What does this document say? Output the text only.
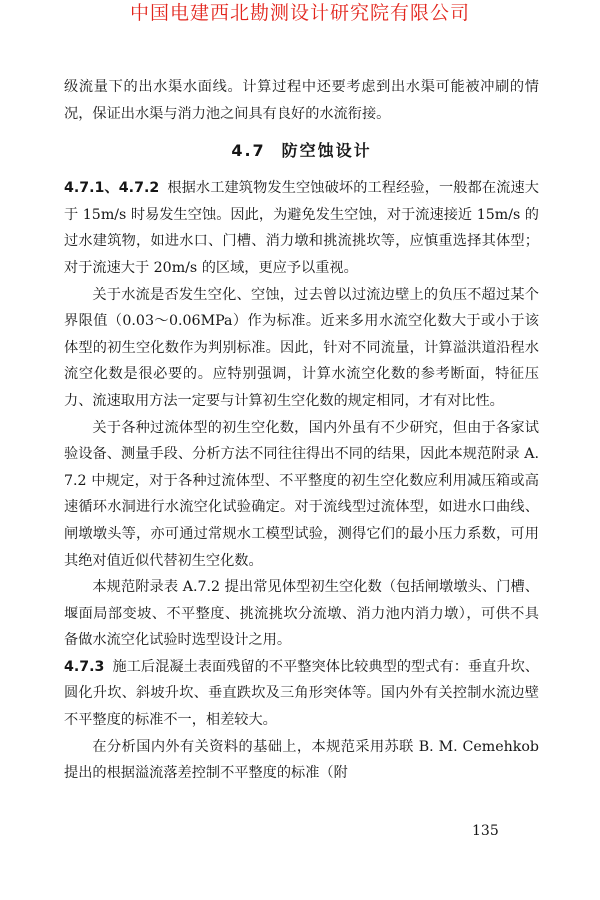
中国电建西北勘测设计研究院有限公司

级流量下的出水渠水面线。计算过程中还要考虑到出水渠可能被冲刷的情况，保证出水渠与消力池之间具有良好的水流衔接。

4.7 防空蚀设计

4.7.1、4.7.2 根据水工建筑物发生空蚀破坏的工程经验，一般都在流速大于 15m/s 时易发生空蚀。因此，为避免发生空蚀，对于流速接近 15m/s 的过水建筑物，如进水口、门槽、消力墩和挑流挑坎等，应慎重选择其体型；对于流速大于 20m/s 的区域，更应予以重视。

关于水流是否发生空化、空蚀，过去曾以过流边壁上的负压不超过某个界限值（0.03～0.06MPa）作为标准。近来多用水流空化数大于或小于该体型的初生空化数作为判别标准。因此，针对不同流量，计算溢洪道沿程水流空化数是很必要的。应特别强调，计算水流空化数的参考断面，特征压力、流速取用方法一定要与计算初生空化数的规定相同，才有对比性。

关于各种过流体型的初生空化数，国内外虽有不少研究，但由于各家试验设备、测量手段、分析方法不同往往得出不同的结果，因此本规范附录 A.7.2 中规定，对于各种过流体型、不平整度的初生空化数应利用减压箱或高速循环水洞进行水流空化试验确定。对于流线型过流体型，如进水口曲线、闸墩墩头等，亦可通过常规水工模型试验，测得它们的最小压力系数，可用其绝对值近似代替初生空化数。

本规范附录表 A.7.2 提出常见体型初生空化数（包括闸墩墩头、门槽、堰面局部变坡、不平整度、挑流挑坎分流墩、消力池内消力墩），可供不具备做水流空化试验时选型设计之用。

4.7.3 施工后混凝土表面残留的不平整突体比较典型的型式有：垂直升坎、圆化升坎、斜坡升坎、垂直跌坎及三角形突体等。国内外有关控制水流边壁不平整度的标准不一，相差较大。

在分析国内外有关资料的基础上，本规范采用苏联 B. M. Cemehkob 提出的根据溢流落差控制不平整度的标准（附

135
